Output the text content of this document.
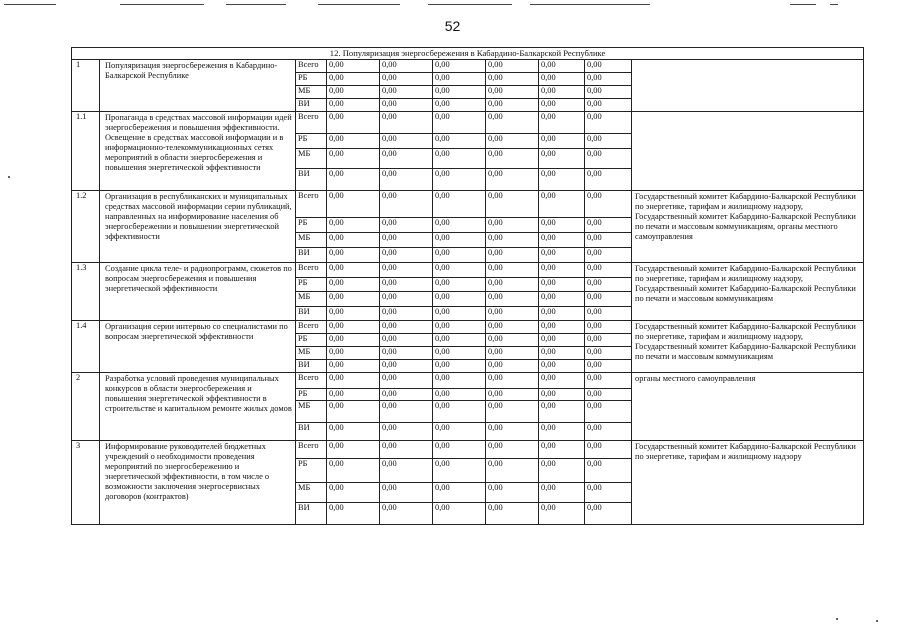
52
12. Популяризация энергосбережения в Кабардино-Балкарской Республике									
1	Популяризация энергосбережения в Кабардино-Балкарской Республике	Всего	0,00	0,00	0,00	0,00	0,00	0,00	
		РБ	0,00	0,00	0,00	0,00	0,00	0,00	
		МБ	0,00	0,00	0,00	0,00	0,00	0,00	
		ВИ	0,00	0,00	0,00	0,00	0,00	0,00	
1.1	Пропаганда в средствах массовой информации идей энергосбережения и повышения эффективности. Освещение в средствах массовой информации и в информационно-телекоммуникационных сетях мероприятий в области энергосбережения и повышения энергетической эффективности	Всего	0,00	0,00	0,00	0,00	0,00	0,00	
		РБ	0,00	0,00	0,00	0,00	0,00	0,00	
		МБ	0,00	0,00	0,00	0,00	0,00	0,00	
		ВИ	0,00	0,00	0,00	0,00	0,00	0,00	
1.2	Организация в республиканских и муниципальных средствах массовой информации серии публикаций, направленных на информирование населения об энергосбережении и повышении энергетической эффективности	Всего	0,00	0,00	0,00	0,00	0,00	0,00	Государственный комитет Кабардино-Балкарской Республики по энергетике, тарифам и жилищному надзору, Государственный комитет Кабардино-Балкарской Республики по печати и массовым коммуникациям, органы местного самоуправления
		РБ	0,00	0,00	0,00	0,00	0,00	0,00	
		МБ	0,00	0,00	0,00	0,00	0,00	0,00	
		ВИ	0,00	0,00	0,00	0,00	0,00	0,00	
1.3	Создание цикла теле- и радиопрограмм, сюжетов по вопросам энергосбережения и повышения энергетической эффективности	Всего	0,00	0,00	0,00	0,00	0,00	0,00	Государственный комитет Кабардино-Балкарской Республики по энергетике, тарифам и жилищному надзору, Государственный комитет Кабардино-Балкарской Республики по печати и массовым коммуникациям
		РБ	0,00	0,00	0,00	0,00	0,00	0,00	
		МБ	0,00	0,00	0,00	0,00	0,00	0,00	
		ВИ	0,00	0,00	0,00	0,00	0,00	0,00	
1.4	Организация серии интервью со специалистами по вопросам энергетической эффективности	Всего	0,00	0,00	0,00	0,00	0,00	0,00	Государственный комитет Кабардино-Балкарской Республики по энергетике, тарифам и жилищному надзору, Государственный комитет Кабардино-Балкарской Республики по печати и массовым коммуникациям
		РБ	0,00	0,00	0,00	0,00	0,00	0,00	
		МБ	0,00	0,00	0,00	0,00	0,00	0,00	
		ВИ	0,00	0,00	0,00	0,00	0,00	0,00	
2	Разработка условий проведения муниципальных конкурсов в области энергосбережения и повышения энергетической эффективности в строительстве и капитальном ремонте жилых домов	Всего	0,00	0,00	0,00	0,00	0,00	0,00	органы местного самоуправления
		РБ	0,00	0,00	0,00	0,00	0,00	0,00	
		МБ	0,00	0,00	0,00	0,00	0,00	0,00	
		ВИ	0,00	0,00	0,00	0,00	0,00	0,00	
3	Информирование руководителей бюджетных учреждений о необходимости проведения мероприятий по энергосбережению и энергетической эффективности, в том числе о возможности заключения энергосервисных договоров (контрактов)	Всего	0,00	0,00	0,00	0,00	0,00	0,00	Государственный комитет Кабардино-Балкарской Республики по энергетике, тарифам и жилищному надзору
		РБ	0,00	0,00	0,00	0,00	0,00	0,00	
		МБ	0,00	0,00	0,00	0,00	0,00	0,00	
		ВИ	0,00	0,00	0,00	0,00	0,00	0,00	
